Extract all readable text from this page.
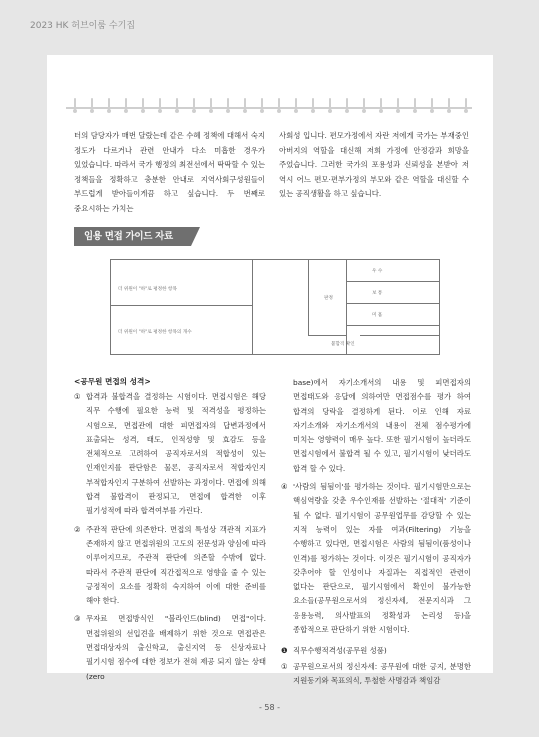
2023 HK 허브이룸 수기집

터의 담당자가 매번 달랐는데 같은 수혜 정책에 대해서 숙지 정도가 다르거나 관련 안내가 다소 미흡한 경우가 있었습니다. 따라서 국가 행정의 최전선에서 딱딱할 수 있는 정책들을 정확하고 충분한 안내로 지역사회구성원들이 부드럽게 받아들이게끔 하고 싶습니다. 두 번째로 중요시하는 가치는

사회성 입니다. 편모가정에서 자란 저에게 국가는 부재중인 아버지의 역할을 대신해 저희 가정에 안정감과 희망을 주었습니다. 그러한 국가의 포용성과 신뢰성을 본받아 저 역시 어느 편모·편부가정의 부모와 같은 역할을 대신할 수 있는 공직생활을 하고 싶습니다.

임용 면접 가이드 자료
더 위원이 "하"로 평정한 항목
더 위원이 "하"로 평정한 항목의 개수
판정
우 수
보 통
미 흡
불합격 확인
<공무원 면접의 성격>
① 합격과 불합격을 결정하는 시험이다. 면접시험은 해당 직무 수행에 필요한 능력 및 적격성을 평정하는 시험으로, 면접관에 대한 피면접자의 답변과정에서 표출되는 성격, 태도, 인적성향 및 효감도 등을 전체적으로 고려하여 공직자로서의 적합성이 있는 인재인지를 판단함은 물론, 공직자로서 적합자인지 부적합자인지 구분하여 선발하는 과정이다. 면접에 의해 합격 불합격이 판정되고, 면접에 합격한 이후 필기성적에 따라 합격여부를 가린다.
② 주관적 판단에 의존한다. 면접의 특성상 객관적 지표가 존재하지 않고 면접위원의 고도의 전문성과 양심에 따라 이루어지므로, 주관적 판단에 의존할 수밖에 없다. 따라서 주관적 판단에 직간접적으로 영향을 줄 수 있는 긍정적이 요소를 정확히 숙지하여 이에 대한 준비를 해야 한다.
③ 무자료 면접방식인 "블라인드(blind) 면접"이다. 면접위원의 선입견을 배제하기 위한 것으로 면접관은 면접대상자의 출신학교, 출신지역 등 신상자료나 필기시험 점수에 대한 정보가 전혀 제공 되지 않는 상태(zero
base)에서 자기소개서의 내용 및 피면접자의 면접태도와 응답에 의하여만 면접점수를 평가 하여 합격의 당락을 결정하게 된다. 이로 인해 자료 자기소개와 자기소개서의 내용이 전체 점수평가에 미치는 영향력이 매우 높다. 또한 필기시험이 높더라도 면접시험에서 불합격 될 수 있고, 필기시험이 낮더라도 합격 할 수 있다.
④ '사람의 됨됨이'를 평가하는 것이다. 필기시험만으로는 핵심역량을 갖춘 우수인재를 선발하는 '절대적' 기준이 될 수 없다. 필기시험이 공무원업무를 감당할 수 있는 지적 능력이 있는 자를 여과(Filtering) 기능을 수행하고 있다면, 면접시험은 사람의 됨됨이(품성이나 인격)를 평가하는 것이다. 이것은 필기시험이 공직자가 갖추어야 할 인성이나 자질과는 직접적인 관련이 없다는 판단으로, 필기시험에서 확인이 불가능한 요소들(공무원으로서의 정신자세, 전문지식과 그 응용능력, 의사발표의 정확성과 논리성 등)을 종합적으로 판단하기 위한 시험이다.
❶ 직무수행적격성(공무원 성품)
① 공무원으로서의 정신자세: 공무원에 대한 긍지, 분명한 지원동기와 목표의식, 투철한 사명감과 책임감
- 58 -
